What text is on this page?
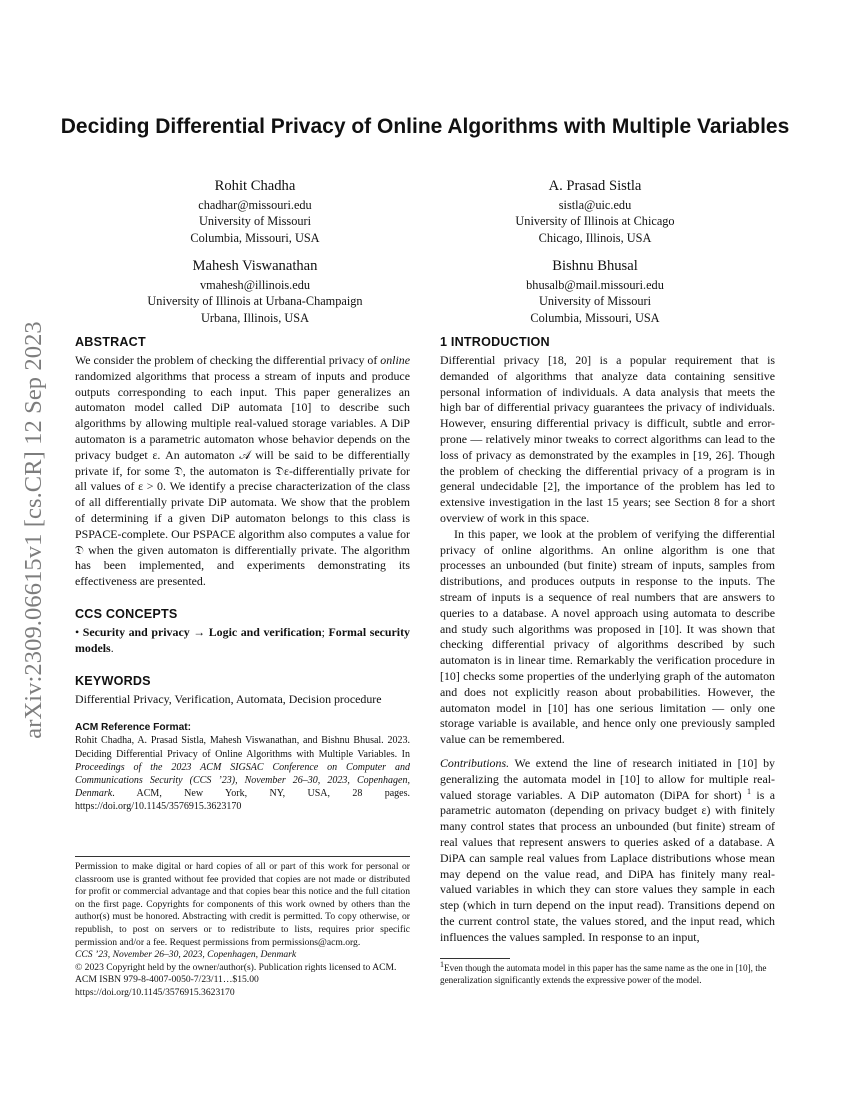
arXiv:2309.06615v1 [cs.CR] 12 Sep 2023
Deciding Differential Privacy of Online Algorithms with Multiple Variables
Rohit Chadha
chadhar@missouri.edu
University of Missouri
Columbia, Missouri, USA
A. Prasad Sistla
sistla@uic.edu
University of Illinois at Chicago
Chicago, Illinois, USA
Mahesh Viswanathan
vmahesh@illinois.edu
University of Illinois at Urbana-Champaign
Urbana, Illinois, USA
Bishnu Bhusal
bhusalb@mail.missouri.edu
University of Missouri
Columbia, Missouri, USA
ABSTRACT

We consider the problem of checking the differential privacy of online randomized algorithms that process a stream of inputs and produce outputs corresponding to each input. This paper generalizes an automaton model called DiP automata [10] to describe such algorithms by allowing multiple real-valued storage variables. A DiP automaton is a parametric automaton whose behavior depends on the privacy budget ε. An automaton 𝒜 will be said to be differentially private if, for some 𝔇, the automaton is 𝔇ε-differentially private for all values of ε > 0. We identify a precise characterization of the class of all differentially private DiP automata. We show that the problem of determining if a given DiP automaton belongs to this class is PSPACE-complete. Our PSPACE algorithm also computes a value for 𝔇 when the given automaton is differentially private. The algorithm has been implemented, and experiments demonstrating its effectiveness are presented.

CCS CONCEPTS

• Security and privacy → Logic and verification; Formal security models.

KEYWORDS

Differential Privacy, Verification, Automata, Decision procedure

ACM Reference Format:

Rohit Chadha, A. Prasad Sistla, Mahesh Viswanathan, and Bishnu Bhusal. 2023. Deciding Differential Privacy of Online Algorithms with Multiple Variables. In Proceedings of the 2023 ACM SIGSAC Conference on Computer and Communications Security (CCS ’23), November 26–30, 2023, Copenhagen, Denmark. ACM, New York, NY, USA, 28 pages. https://doi.org/10.1145/3576915.3623170

Permission to make digital or hard copies of all or part of this work for personal or classroom use is granted without fee provided that copies are not made or distributed for profit or commercial advantage and that copies bear this notice and the full citation on the first page. Copyrights for components of this work owned by others than the author(s) must be honored. Abstracting with credit is permitted. To copy otherwise, or republish, to post on servers or to redistribute to lists, requires prior specific permission and/or a fee. Request permissions from permissions@acm.org.

CCS ’23, November 26–30, 2023, Copenhagen, Denmark

© 2023 Copyright held by the owner/author(s). Publication rights licensed to ACM.

ACM ISBN 979-8-4007-0050-7/23/11…$15.00

https://doi.org/10.1145/3576915.3623170

1 INTRODUCTION

Differential privacy [18, 20] is a popular requirement that is demanded of algorithms that analyze data containing sensitive personal information of individuals. A data analysis that meets the high bar of differential privacy guarantees the privacy of individuals. However, ensuring differential privacy is difficult, subtle and error-prone — relatively minor tweaks to correct algorithms can lead to the loss of privacy as demonstrated by the examples in [19, 26]. Though the problem of checking the differential privacy of a program is in general undecidable [2], the importance of the problem has led to extensive investigation in the last 15 years; see Section 8 for a short overview of work in this space.

In this paper, we look at the problem of verifying the differential privacy of online algorithms. An online algorithm is one that processes an unbounded (but finite) stream of inputs, samples from distributions, and produces outputs in response to the inputs. The stream of inputs is a sequence of real numbers that are answers to queries to a database. A novel approach using automata to describe and study such algorithms was proposed in [10]. It was shown that checking differential privacy of algorithms described by such automaton is in linear time. Remarkably the verification procedure in [10] checks some properties of the underlying graph of the automaton and does not explicitly reason about probabilities. However, the automaton model in [10] has one serious limitation — only one storage variable is available, and hence only one previously sampled value can be remembered.

Contributions. We extend the line of research initiated in [10] by generalizing the automata model in [10] to allow for multiple real-valued storage variables. A DiP automaton (DiPA for short) $^1$ is a parametric automaton (depending on privacy budget ε) with finitely many control states that process an unbounded (but finite) stream of real values that represent answers to queries asked of a database. A DiPA can sample real values from Laplace distributions whose mean may depend on the value read, and DiPA has finitely many real-valued variables in which they can store values they sample in each step (which in turn depend on the input read). Transitions depend on the current control state, the values stored, and the input read, which influences the values sampled. In response to an input,

$^1$Even though the automata model in this paper has the same name as the one in [10], the generalization significantly extends the expressive power of the model.
